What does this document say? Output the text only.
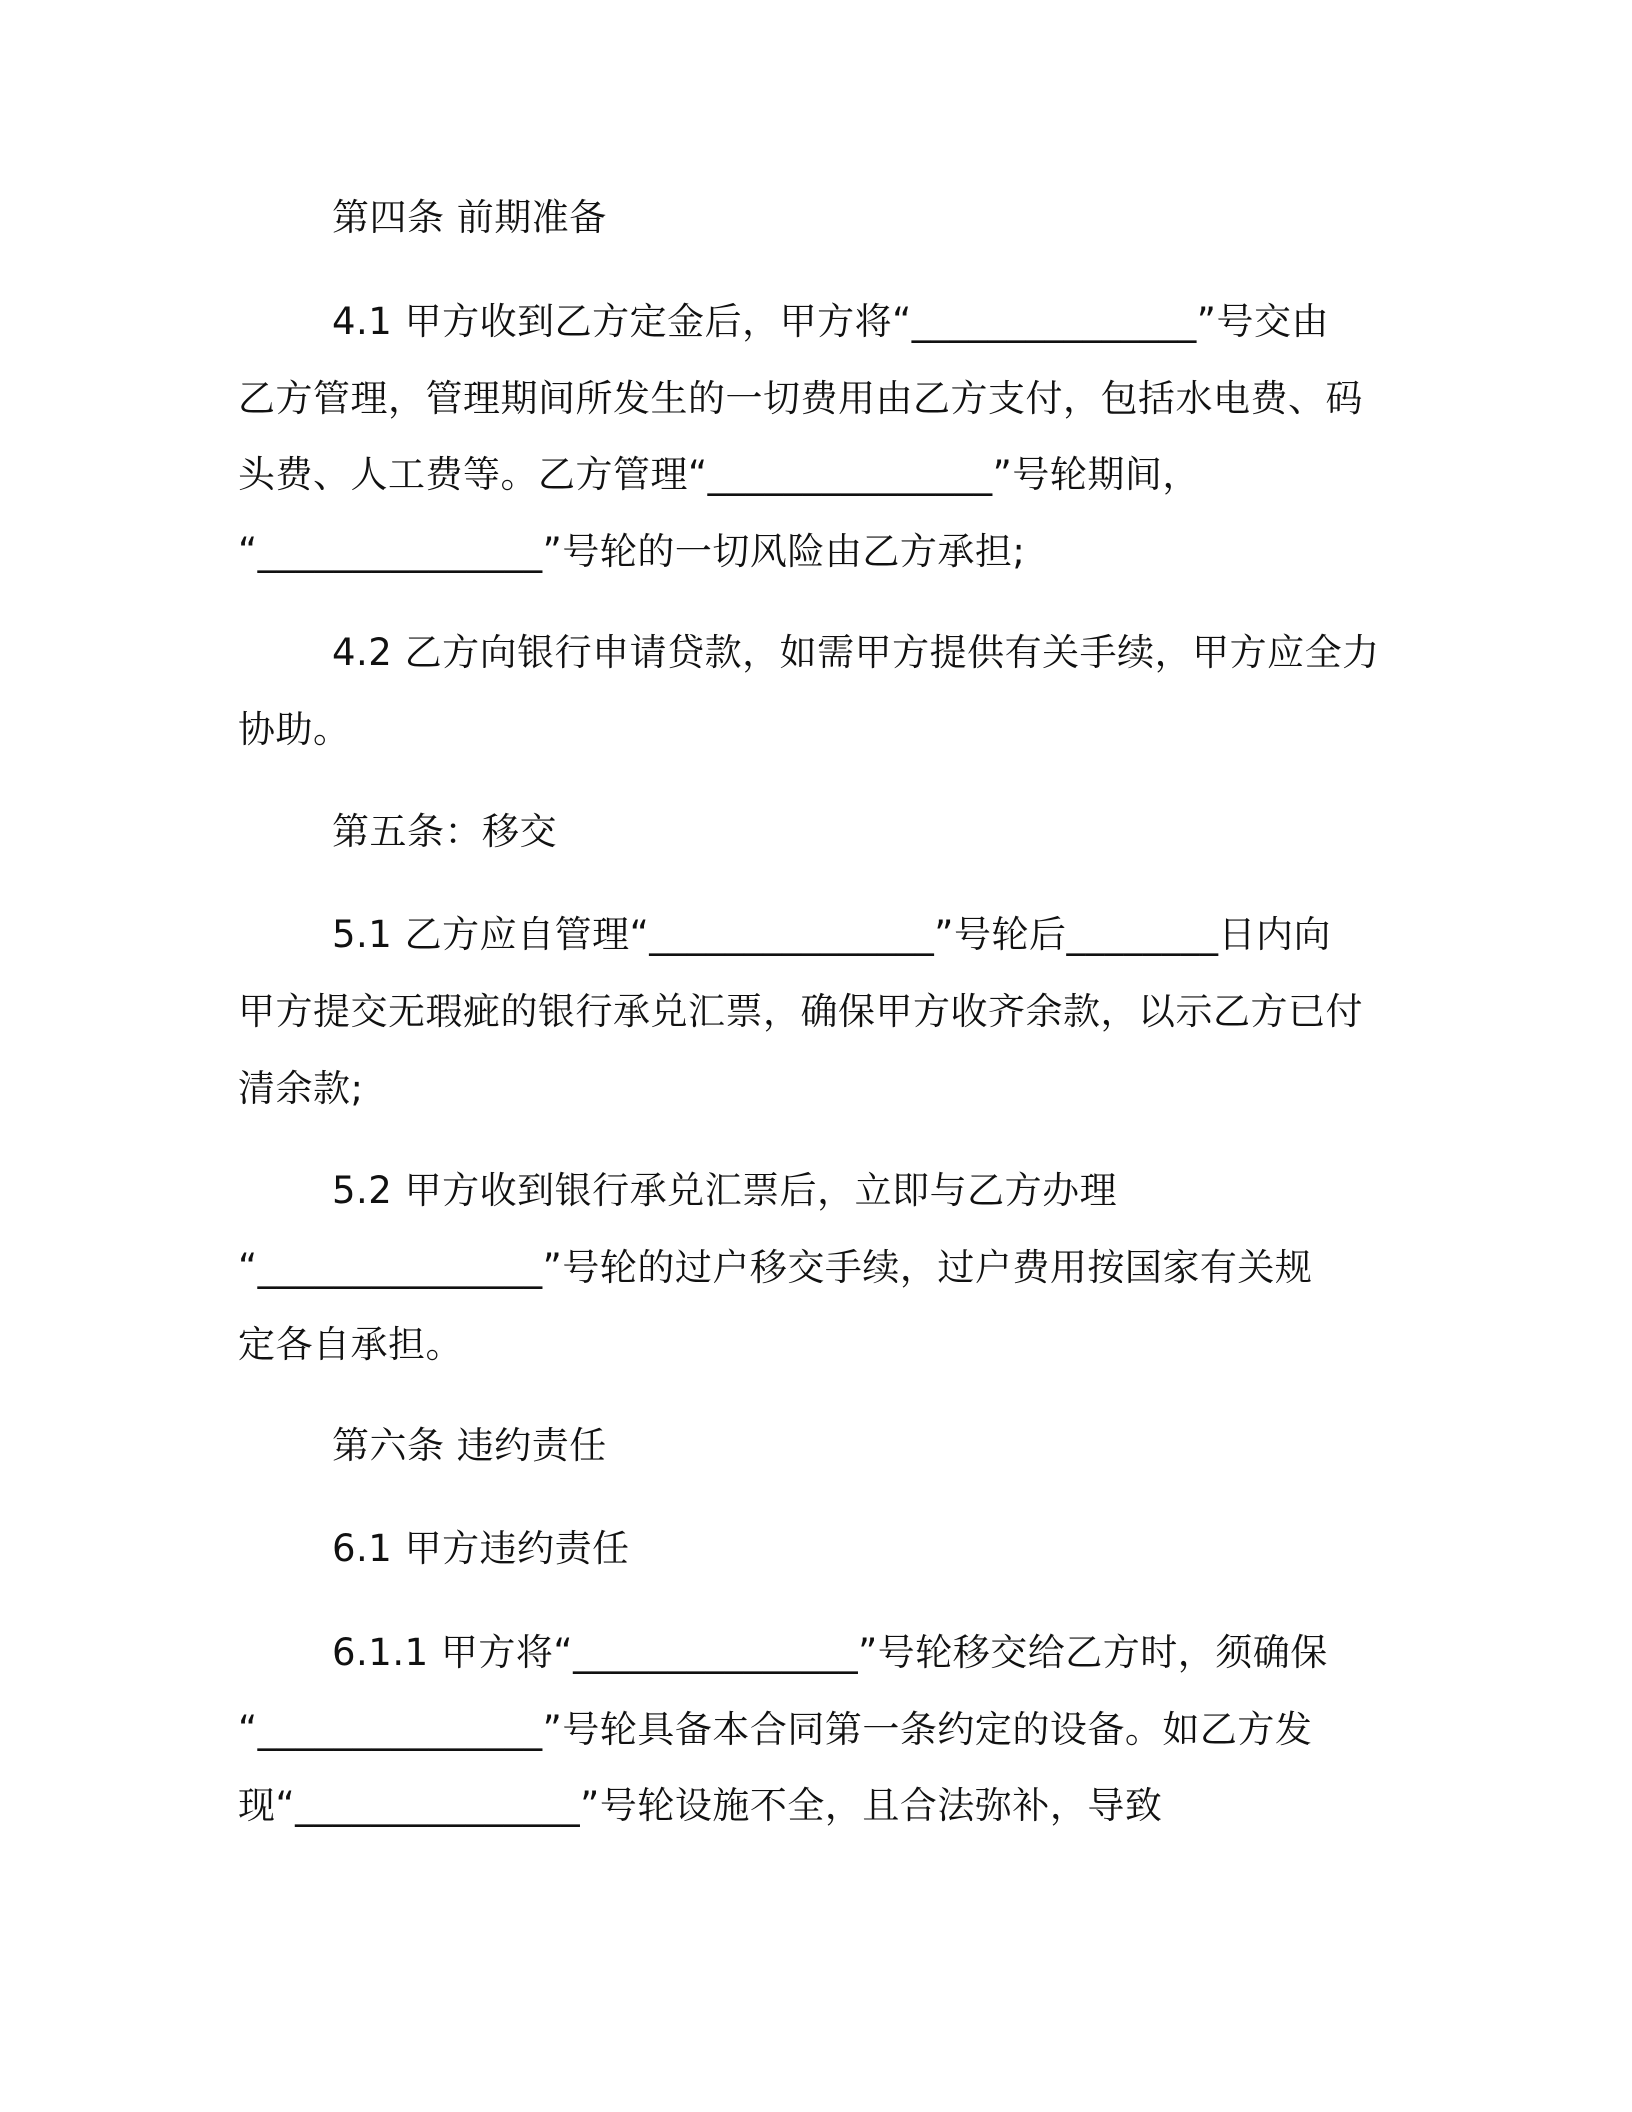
第四条 前期准备
4.1 甲方收到乙方定金后，甲方将“_______________”号交由
乙方管理，管理期间所发生的一切费用由乙方支付，包括水电费、码
头费、人工费等。乙方管理“_______________”号轮期间，
“_______________”号轮的一切风险由乙方承担;
4.2 乙方向银行申请贷款，如需甲方提供有关手续，甲方应全力
协助。
第五条：移交
5.1 乙方应自管理“_______________”号轮后________日内向
甲方提交无瑕疵的银行承兑汇票，确保甲方收齐余款，以示乙方已付
清余款;
5.2 甲方收到银行承兑汇票后，立即与乙方办理
“_______________”号轮的过户移交手续，过户费用按国家有关规
定各自承担。
第六条 违约责任
6.1 甲方违约责任
6.1.1 甲方将“_______________”号轮移交给乙方时，须确保
“_______________”号轮具备本合同第一条约定的设备。如乙方发
现“_______________”号轮设施不全，且合法弥补，导致
